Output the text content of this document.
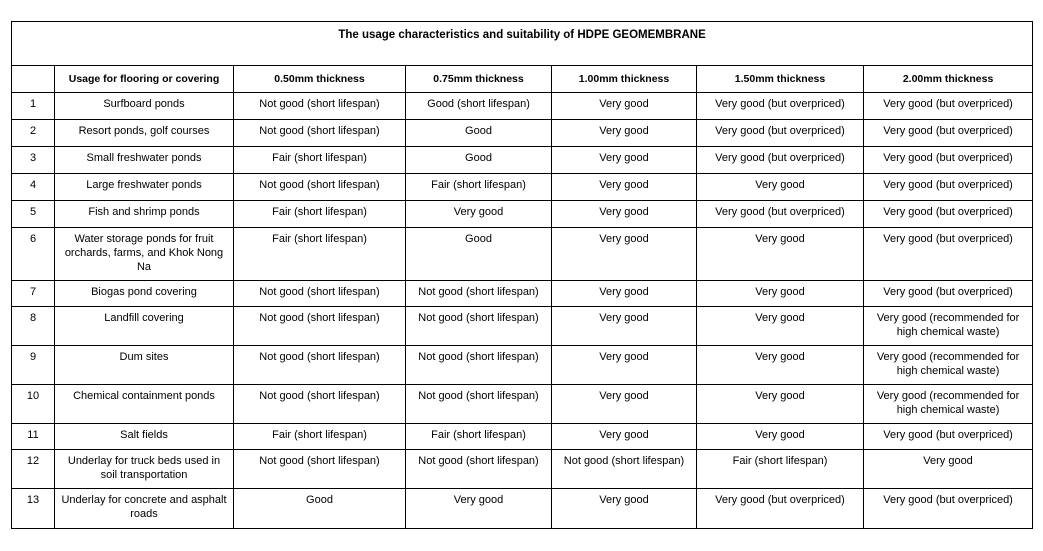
The usage characteristics and suitability of HDPE GEOMEMBRANE						
	Usage for flooring or covering	0.50mm thickness	0.75mm thickness	1.00mm thickness	1.50mm thickness	2.00mm thickness
1	Surfboard ponds	Not good (short lifespan)	Good (short lifespan)	Very good	Very good (but overpriced)	Very good (but overpriced)
2	Resort ponds, golf courses	Not good (short lifespan)	Good	Very good	Very good (but overpriced)	Very good (but overpriced)
3	Small freshwater ponds	Fair (short lifespan)	Good	Very good	Very good (but overpriced)	Very good (but overpriced)
4	Large freshwater ponds	Not good (short lifespan)	Fair (short lifespan)	Very good	Very good	Very good (but overpriced)
5	Fish and shrimp ponds	Fair (short lifespan)	Very good	Very good	Very good (but overpriced)	Very good (but overpriced)
6	Water storage ponds for fruit orchards, farms, and Khok Nong Na	Fair (short lifespan)	Good	Very good	Very good	Very good (but overpriced)
7	Biogas pond covering	Not good (short lifespan)	Not good (short lifespan)	Very good	Very good	Very good (but overpriced)
8	Landfill covering	Not good (short lifespan)	Not good (short lifespan)	Very good	Very good	Very good (recommended for high chemical waste)
9	Dum sites	Not good (short lifespan)	Not good (short lifespan)	Very good	Very good	Very good (recommended for high chemical waste)
10	Chemical containment ponds	Not good (short lifespan)	Not good (short lifespan)	Very good	Very good	Very good (recommended for high chemical waste)
11	Salt fields	Fair (short lifespan)	Fair (short lifespan)	Very good	Very good	Very good (but overpriced)
12	Underlay for truck beds used in soil transportation	Not good (short lifespan)	Not good (short lifespan)	Not good (short lifespan)	Fair (short lifespan)	Very good
13	Underlay for concrete and asphalt roads	Good	Very good	Very good	Very good (but overpriced)	Very good (but overpriced)
